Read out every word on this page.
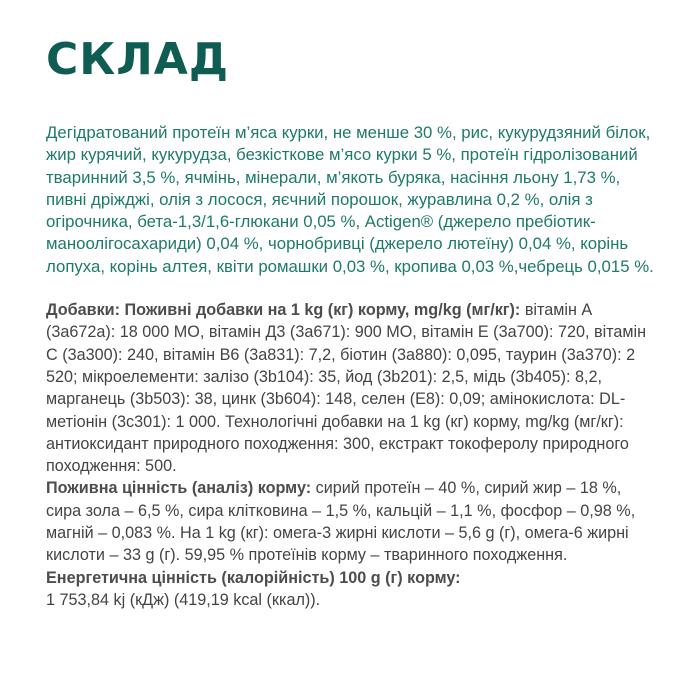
СКЛАД

Дегідратований протеїн м’яса курки, не менше 30 %, рис, кукурудзяний білок, жир курячий, кукурудза, безкісткове м’ясо курки 5 %, протеїн гідролізований тваринний 3,5 %, ячмінь, мінерали, м’якоть буряка, насіння льону 1,73 %, пивні дріжджі, олія з лосося, яєчний порошок, журавлина 0,2 %, олія з огірочника, бета-1,3/1,6-глюкани 0,05 %, Actigen® (джерело пребіотик-маноолігосахариди) 0,04 %, чорнобривці (джерело лютеїну) 0,04 %, корінь лопуха, корінь алтея, квіти ромашки 0,03 %, кропива 0,03 %,чебрець 0,015 %.

Добавки: Поживні добавки на 1 kg (кг) корму, mg/kg (мг/кг): вітамін А (3а672а): 18 000 МО, вітамін Д3 (3а671): 900 МО, вітамін Е (3а700): 720, вітамін С (3а300): 240, вітамін В6 (3а831): 7,2, біотин (3а880): 0,095, таурин (3а370): 2 520; мікроелементи: залізо (3b104): 35, йод (3b201): 2,5, мідь (3b405): 8,2, марганець (3b503): 38, цинк (3b604): 148, селен (Е8): 0,09; амінокислота: DL-метіонін (3c301): 1 000. Технологічні добавки на 1 kg (кг) корму, mg/kg (мг/кг): антиоксидант природного походження: 300, екстракт токоферолу природного походження: 500.

Поживна цінність (аналіз) корму: сирий протеїн – 40 %, сирий жир – 18 %, сира зола – 6,5 %, сира клітковина – 1,5 %, кальцій – 1,1 %, фосфор – 0,98 %, магній – 0,083 %. На 1 kg (кг): омега-3 жирні кислоти – 5,6 g (г), омега-6 жирні кислоти – 33 g (г). 59,95 % протеїнів корму – тваринного походження.

Енергетична цінність (калорійність) 100 g (г) корму:
1 753,84 kj (кДж) (419,19 kcal (ккал)).
